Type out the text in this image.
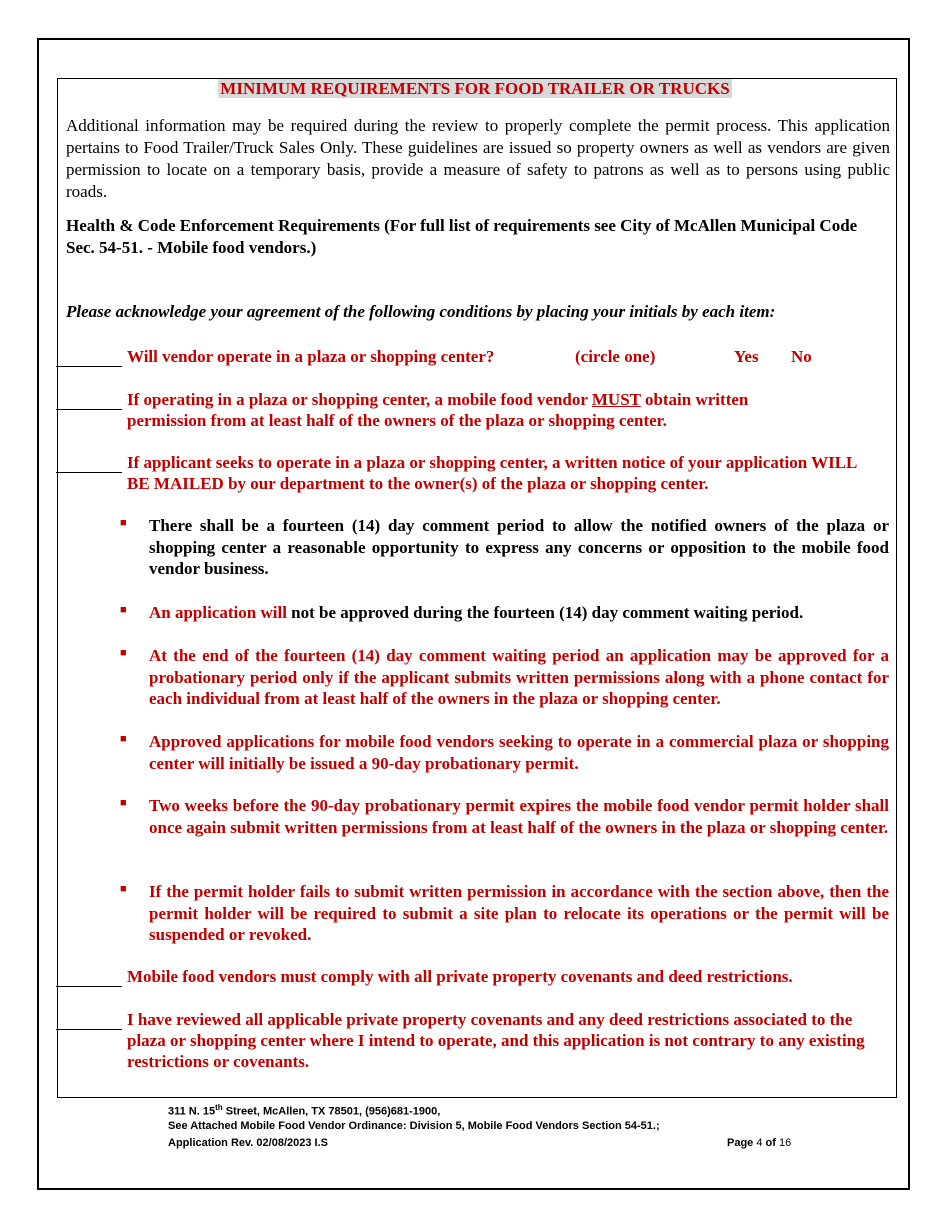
MINIMUM REQUIREMENTS FOR FOOD TRAILER OR TRUCKS
Additional information may be required during the review to properly complete the permit process. This application pertains to Food Trailer/Truck Sales Only. These guidelines are issued so property owners as well as vendors are given permission to locate on a temporary basis, provide a measure of safety to patrons as well as to persons using public roads.
Health & Code Enforcement Requirements (For full list of requirements see City of McAllen Municipal Code
Sec. 54-51. - Mobile food vendors.)
Please acknowledge your agreement of the following conditions by placing your initials by each item:
Will vendor operate in a plaza or shopping center?	(circle one)	Yes No
If operating in a plaza or shopping center, a mobile food vendor MUST obtain written permission from at least half of the owners of the plaza or shopping center.
If applicant seeks to operate in a plaza or shopping center, a written notice of your application WILL BE MAILED by our department to the owner(s) of the plaza or shopping center.
■ There shall be a fourteen (14) day comment period to allow the notified owners of the plaza or shopping center a reasonable opportunity to express any concerns or opposition to the mobile food vendor business.
■ An application will not be approved during the fourteen (14) day comment waiting period.
■ At the end of the fourteen (14) day comment waiting period an application may be approved for a probationary period only if the applicant submits written permissions along with a phone contact for each individual from at least half of the owners in the plaza or shopping center.
■ Approved applications for mobile food vendors seeking to operate in a commercial plaza or shopping center will initially be issued a 90-day probationary permit.
■ Two weeks before the 90-day probationary permit expires the mobile food vendor permit holder shall once again submit written permissions from at least half of the owners in the plaza or shopping center.
■ If the permit holder fails to submit written permission in accordance with the section above, then the permit holder will be required to submit a site plan to relocate its operations or the permit will be suspended or revoked.
Mobile food vendors must comply with all private property covenants and deed restrictions.
I have reviewed all applicable private property covenants and any deed restrictions associated to the plaza or shopping center where I intend to operate, and this application is not contrary to any existing restrictions or covenants.
311 N. 15th Street, McAllen, TX 78501, (956)681-1900,
See Attached Mobile Food Vendor Ordinance: Division 5, Mobile Food Vendors Section 54-51.;
Application Rev. 02/08/2023 I.S	Page 4 of 16
